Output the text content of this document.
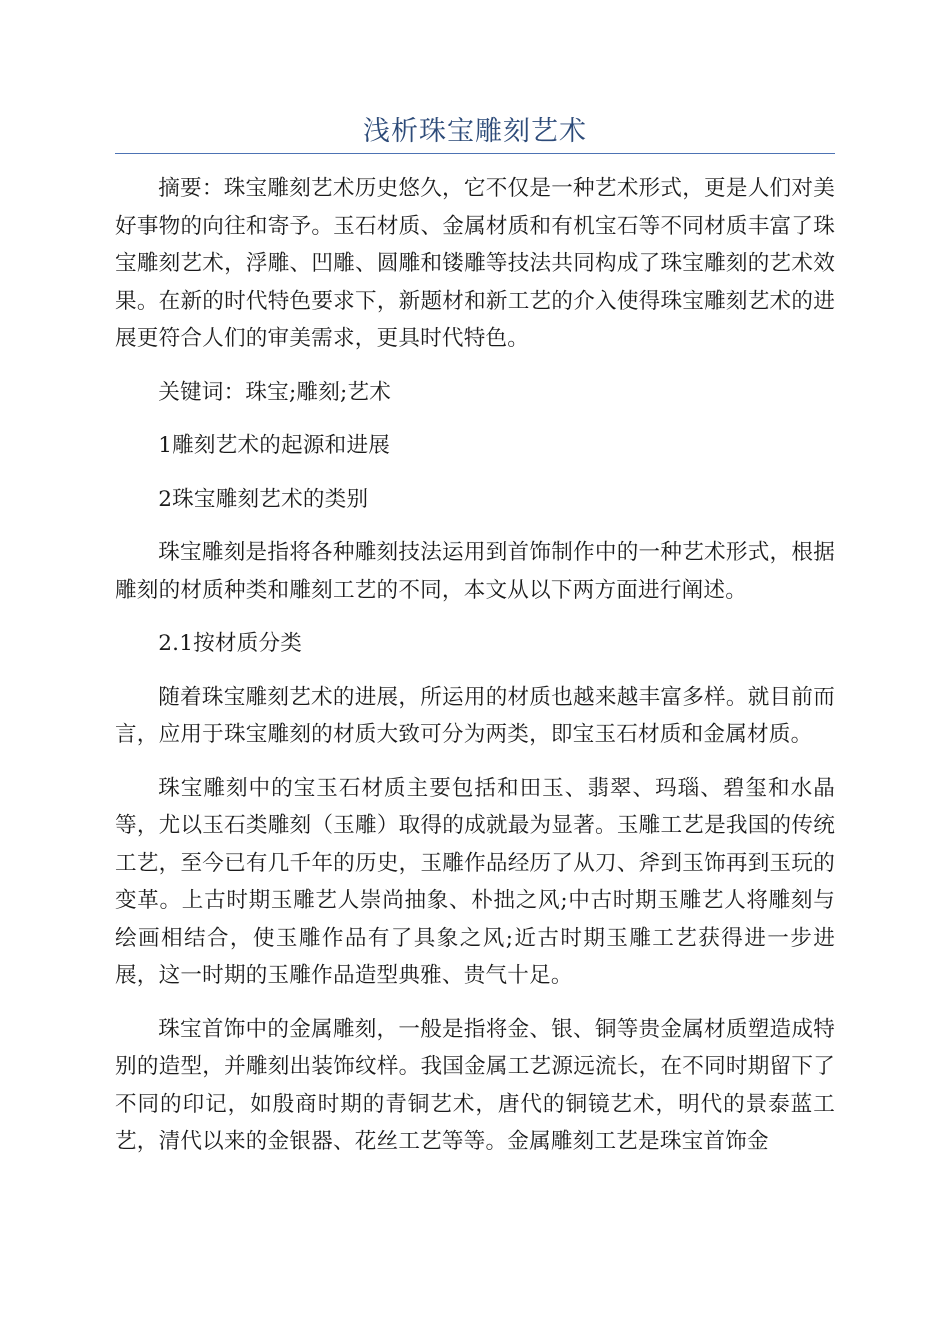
浅析珠宝雕刻艺术

摘要：珠宝雕刻艺术历史悠久，它不仅是一种艺术形式，更是人们对美好事物的向往和寄予。玉石材质、金属材质和有机宝石等不同材质丰富了珠宝雕刻艺术，浮雕、凹雕、圆雕和镂雕等技法共同构成了珠宝雕刻的艺术效果。在新的时代特色要求下，新题材和新工艺的介入使得珠宝雕刻艺术的进展更符合人们的审美需求，更具时代特色。

关键词：珠宝;雕刻;艺术

1雕刻艺术的起源和进展

2珠宝雕刻艺术的类别

珠宝雕刻是指将各种雕刻技法运用到首饰制作中的一种艺术形式，根据雕刻的材质种类和雕刻工艺的不同，本文从以下两方面进行阐述。

2.1按材质分类

随着珠宝雕刻艺术的进展，所运用的材质也越来越丰富多样。就目前而言，应用于珠宝雕刻的材质大致可分为两类，即宝玉石材质和金属材质。

珠宝雕刻中的宝玉石材质主要包括和田玉、翡翠、玛瑙、碧玺和水晶等，尤以玉石类雕刻（玉雕）取得的成就最为显著。玉雕工艺是我国的传统工艺，至今已有几千年的历史，玉雕作品经历了从刀、斧到玉饰再到玉玩的变革。上古时期玉雕艺人崇尚抽象、朴拙之风;中古时期玉雕艺人将雕刻与绘画相结合，使玉雕作品有了具象之风;近古时期玉雕工艺获得进一步进展，这一时期的玉雕作品造型典雅、贵气十足。

珠宝首饰中的金属雕刻，一般是指将金、银、铜等贵金属材质塑造成特别的造型，并雕刻出装饰纹样。我国金属工艺源远流长，在不同时期留下了不同的印记，如殷商时期的青铜艺术，唐代的铜镜艺术，明代的景泰蓝工艺，清代以来的金银器、花丝工艺等等。金属雕刻工艺是珠宝首饰金
